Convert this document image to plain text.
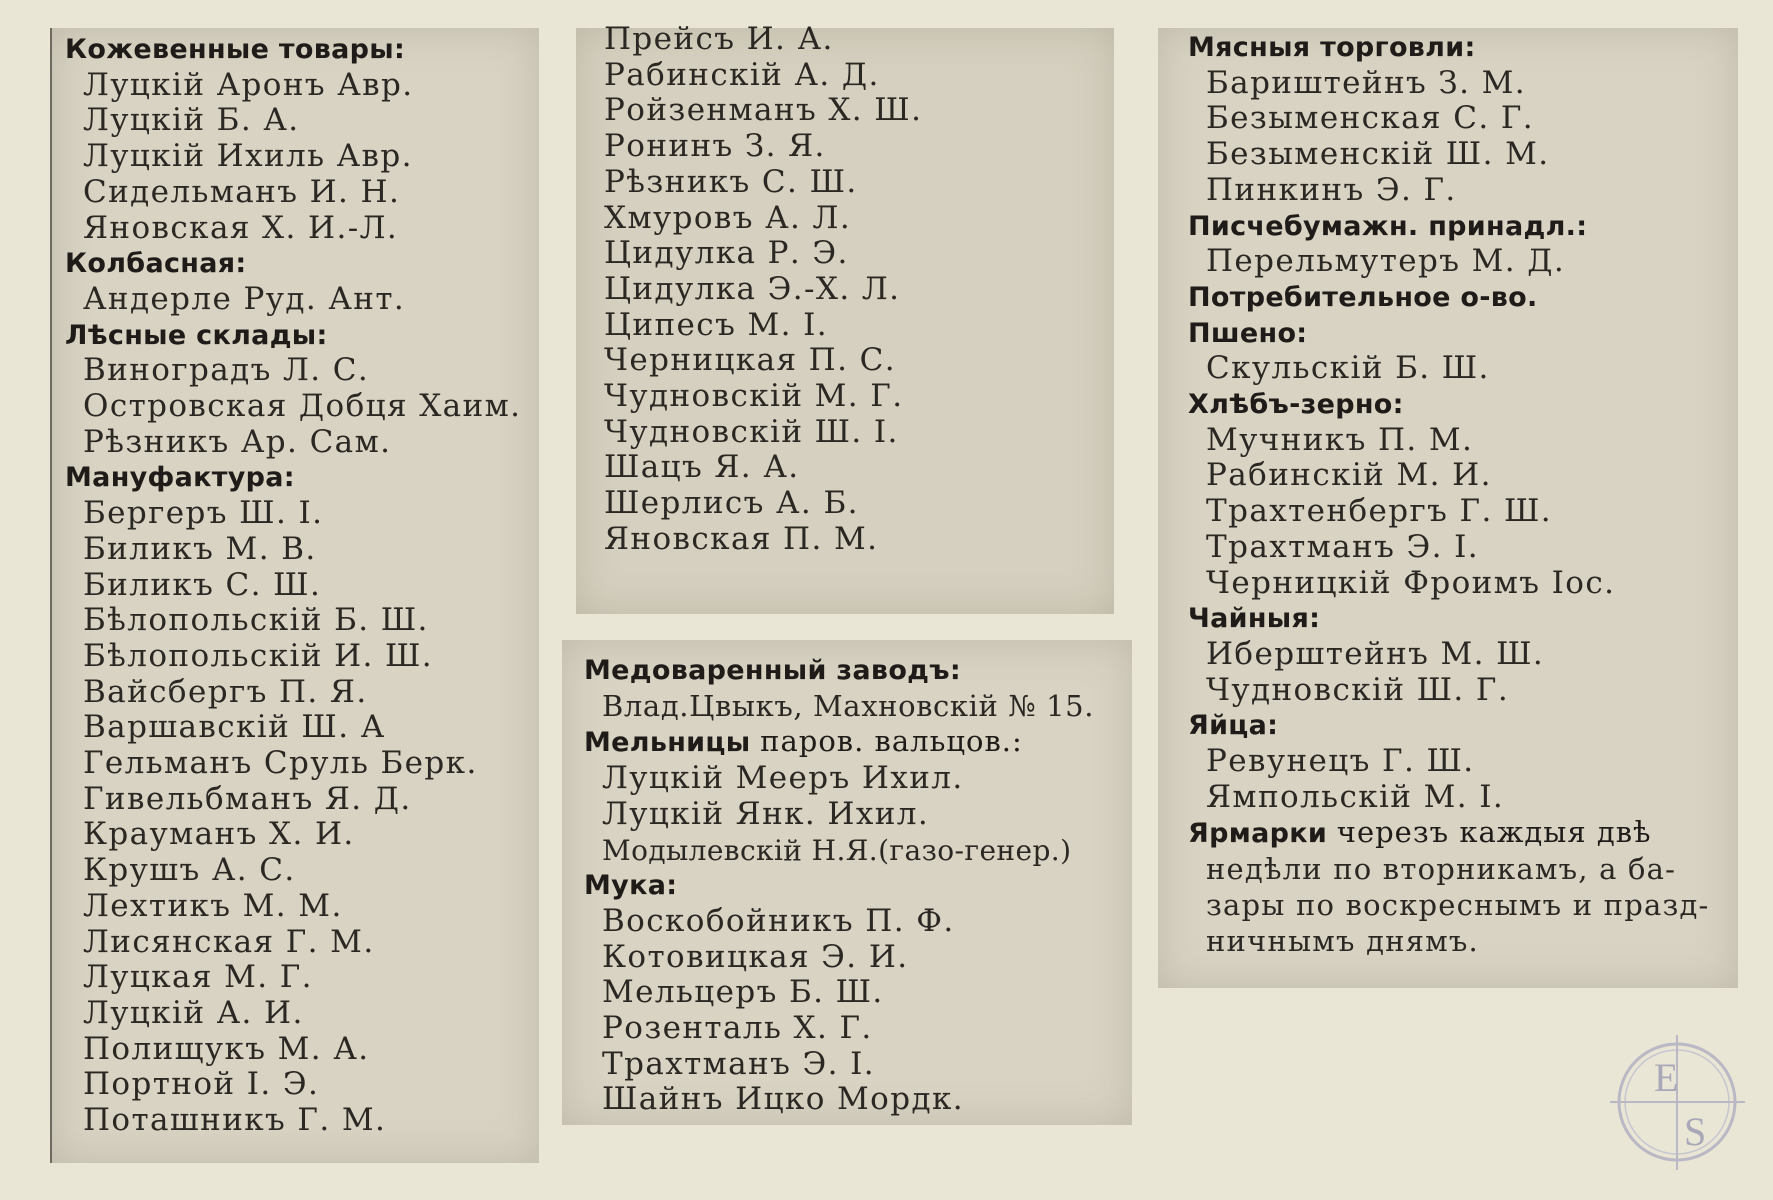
Кожевенные товары:
Луцкій Аронъ Авр.
Луцкій Б. А.
Луцкій Ихиль Авр.
Сидельманъ И. Н.
Яновская Х. И.-Л.
Колбасная:
Андерле Руд. Ант.
Лѣсные склады:
Виноградъ Л. С.
Островская Добця Хаим.
Рѣзникъ Ар. Сам.
Мануфактура:
Бергеръ Ш. І.
Биликъ М. В.
Биликъ С. Ш.
Бѣлопольскій Б. Ш.
Бѣлопольскій И. Ш.
Вайсбергъ П. Я.
Варшавскій Ш. А
Гельманъ Сруль Берк.
Гивельбманъ Я. Д.
Крауманъ Х. И.
Крушъ А. С.
Лехтикъ М. М.
Лисянская Г. М.
Луцкая М. Г.
Луцкій А. И.
Полищукъ М. А.
Портной І. Э.
Поташникъ Г. М.
Прейсъ И. А.
Рабинскій А. Д.
Ройзенманъ Х. Ш.
Ронинъ З. Я.
Рѣзникъ С. Ш.
Хмуровъ А. Л.
Цидулка Р. Э.
Цидулка Э.-Х. Л.
Ципесъ М. І.
Черницкая П. С.
Чудновскій М. Г.
Чудновскій Ш. І.
Шацъ Я. А.
Шерлисъ А. Б.
Яновская П. М.
Медоваренный заводъ:
Влад.Цвыкъ, Махновскій № 15.
Мельницы паров. вальцов.:
Луцкій Мееръ Ихил.
Луцкій Янк. Ихил.
Модылевскій Н.Я.(газо-генер.)
Мука:
Воскобойникъ П. Ф.
Котовицкая Э. И.
Мельцеръ Б. Ш.
Розенталь Х. Г.
Трахтманъ Э. І.
Шайнъ Ицко Мордк.
Мясныя торговли:
Бариштейнъ З. М.
Безыменская С. Г.
Безыменскій Ш. М.
Пинкинъ Э. Г.
Писчебумажн. принадл.:
Перельмутеръ М. Д.
Потребительное о-во.
Пшено:
Скульскій Б. Ш.
Хлѣбъ-зерно:
Мучникъ П. М.
Рабинскій М. И.
Трахтенбергъ Г. Ш.
Трахтманъ Э. І.
Черницкій Фроимъ Іос.
Чайныя:
Иберштейнъ М. Ш.
Чудновскій Ш. Г.
Яйца:
Ревунецъ Г. Ш.
Ямпольскій М. І.
Ярмарки черезъ каждыя двѣ
недѣли по вторникамъ, а ба-
зары по воскреснымъ и празд-
ничнымъ днямъ.
E
S
